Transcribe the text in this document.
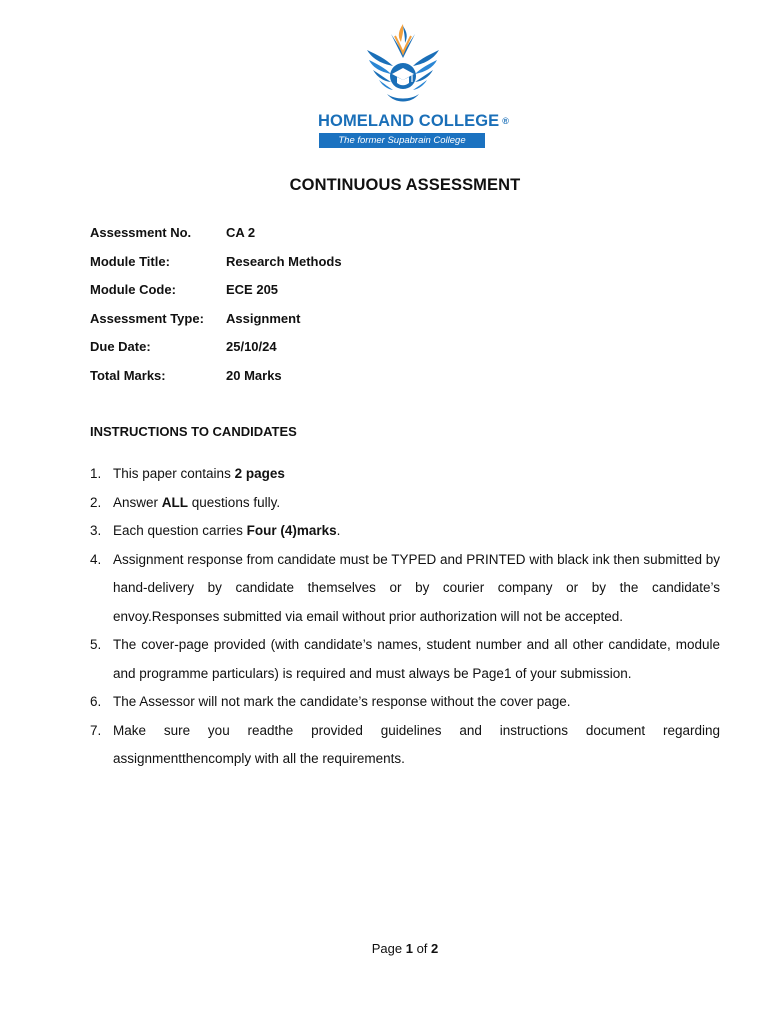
HOMELAND COLLEGE ®
The former Supabrain College
CONTINUOUS ASSESSMENT
Assessment No.	CA 2
Module Title:	Research Methods
Module Code:	ECE 205
Assessment Type: Assignment
Due Date:	25/10/24
Total Marks:	20 Marks
INSTRUCTIONS TO CANDIDATES
1. This paper contains 2 pages
2. Answer ALL questions fully.
3. Each question carries Four (4)marks.
4. Assignment response from candidate must be TYPED and PRINTED with black ink then submitted by hand-delivery by candidate themselves or by courier company or by the candidate’s envoy.Responses submitted via email without prior authorization will not be accepted.
5. The cover-page provided (with candidate’s names, student number and all other candidate, module and programme particulars) is required and must always be Page1 of your submission.
6. The Assessor will not mark the candidate’s response without the cover page.
7. Make sure you readthe provided guidelines and instructions document regarding assignmentthencomply with all the requirements.
Page 1 of 2
